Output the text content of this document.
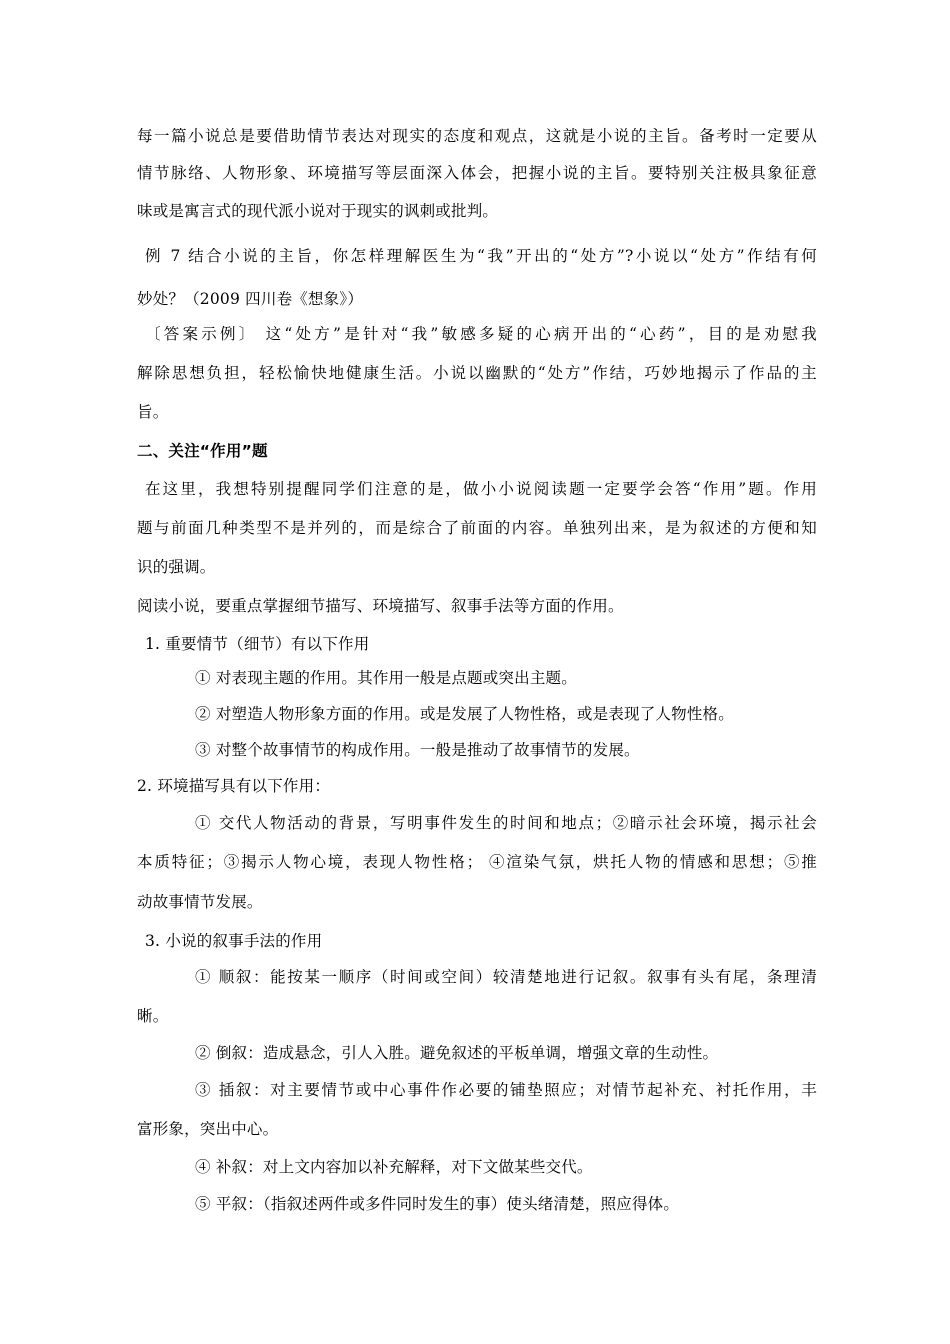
每一篇小说总是要借助情节表达对现实的态度和观点，这就是小说的主旨。备考时一定要从
情节脉络、人物形象、环境描写等层面深入体会，把握小说的主旨。要特别关注极具象征意
味或是寓言式的现代派小说对于现实的讽刺或批判。
例 7 结合小说的主旨，你怎样理解医生为“我”开出的“处方”?小说以“处方”作结有何
妙处？（2009 四川卷《想象》）
〔答案示例〕 这“处方”是针对“我”敏感多疑的心病开出的“心药”，目的是劝慰我
解除思想负担，轻松愉快地健康生活。小说以幽默的“处方”作结，巧妙地揭示了作品的主
旨。
二、关注“作用”题
在这里，我想特别提醒同学们注意的是，做小小说阅读题一定要学会答“作用”题。作用
题与前面几种类型不是并列的，而是综合了前面的内容。单独列出来，是为叙述的方便和知
识的强调。
阅读小说，要重点掌握细节描写、环境描写、叙事手法等方面的作用。
1. 重要情节（细节）有以下作用
① 对表现主题的作用。其作用一般是点题或突出主题。
② 对塑造人物形象方面的作用。或是发展了人物性格，或是表现了人物性格。
③ 对整个故事情节的构成作用。一般是推动了故事情节的发展。
2. 环境描写具有以下作用：
① 交代人物活动的背景，写明事件发生的时间和地点；②暗示社会环境，揭示社会
本质特征；③揭示人物心境，表现人物性格； ④渲染气氛，烘托人物的情感和思想；⑤推
动故事情节发展。
3. 小说的叙事手法的作用
① 顺叙：能按某一顺序（时间或空间）较清楚地进行记叙。叙事有头有尾，条理清
晰。
② 倒叙：造成悬念，引人入胜。避免叙述的平板单调，增强文章的生动性。
③ 插叙：对主要情节或中心事件作必要的铺垫照应；对情节起补充、衬托作用，丰
富形象，突出中心。
④ 补叙：对上文内容加以补充解释，对下文做某些交代。
⑤ 平叙：（指叙述两件或多件同时发生的事）使头绪清楚，照应得体。
